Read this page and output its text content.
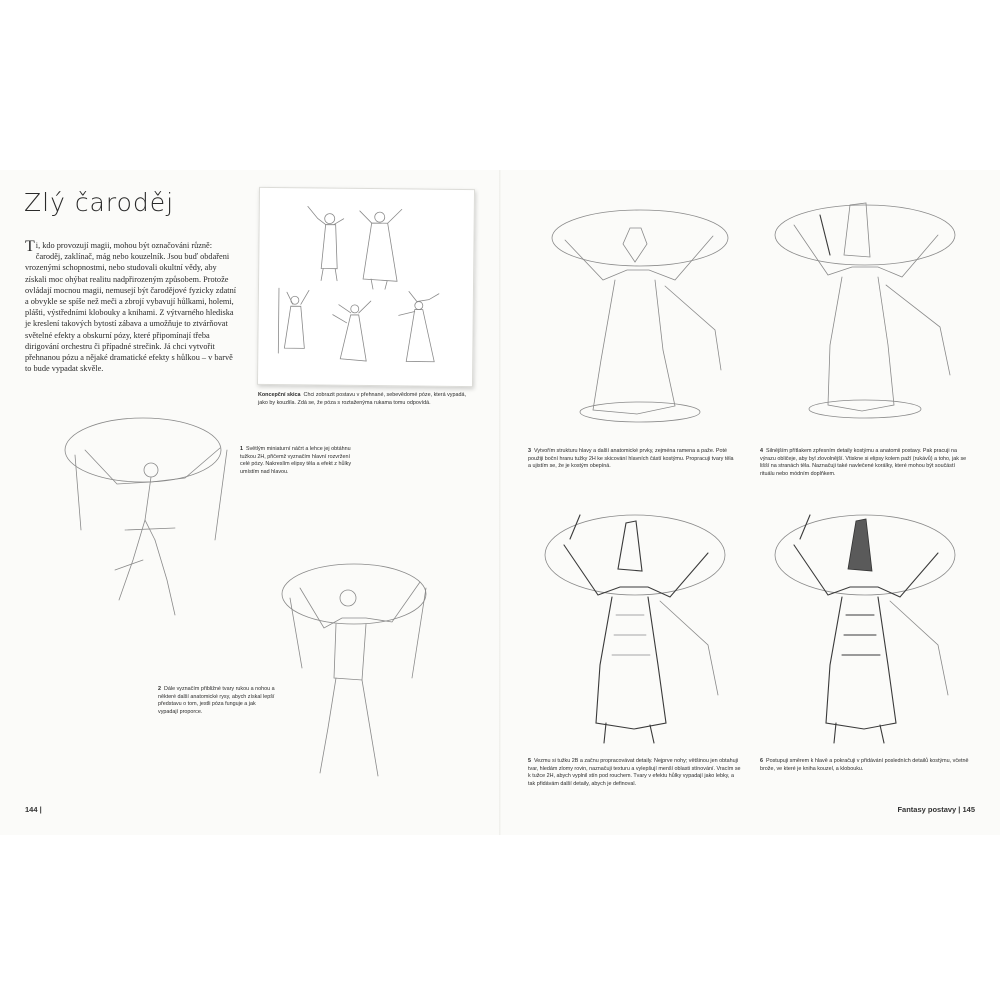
Zlý čaroděj

Ti, kdo provozují magii, mohou být označováni různě: čaroděj, zaklínač, mág nebo kouzelník. Jsou buď obdařeni vrozenými schopnostmi, nebo studovali okultní vědy, aby získali moc ohýbat realitu nadpřirozeným způsobem. Protože ovládají mocnou magii, nemusejí být čarodějové fyzicky zdatní a obvykle se spíše než meči a zbrojí vybavují hůlkami, holemi, plášti, výstředními klobouky a knihami. Z výtvarného hlediska je kreslení takových bytostí zábava a umožňuje to ztvárňovat světelné efekty a obskurní pózy, které připomínají třeba dirigování orchestru či případné strečink. Já chci vytvořit přehnanou pózu a nějaké dramatické efekty s hůlkou – v barvě to bude vypadat skvěle.

Koncepční skica Chci zobrazit postavu v přehnané, sebevědomé póze, která vypadá, jako by kouzlila. Zdá se, že póza s roztaženýma rukama tomu odpovídá.

1 Světlým miniaturní náčrt a lehce jej obtáhnu tužkou 2H, přičemž vyznačím hlavní rozvržení celé pózy. Nakreslím elipsy těla a efekt z hůlky umístím nad hlavou.

2 Dále vyznačím přibližné tvary rukou a nohou a některé další anatomické rysy, abych získal lepší představu o tom, jestli póza funguje a jak vypadají proporce.

144 |

3 Vytvořím strukturu hlavy a další anatomické prvky, zejména ramena a paže. Poté použiji boční hranu tužky 2H ke skicování hlavních částí kostýmu. Propracuji tvary těla a ujistím se, že je kostým obepíná.

4 Silnějším přítlakem zpřesním detaily kostýmu a anatomii postavy. Pak pracuji na výrazu obličeje, aby byl zlovolnější. Vtiskne si elipsy kolem paží (rukávů) a toho, jak se lišší na stranách těla. Naznačuji také navlečené korálky, které mohou být součástí rituálu nebo módním doplňkem.

5 Vezmu si tužku 2B a začnu propracovávat detaily. Nejprve nohy; většinou jen obtahuji tvar, hledám zlomy rovin, naznačuji texturu a vylepšují menší oblasti stínování. Vracím se k tužce 2H, abych vyplnil stín pod rouchem. Tvary v efektu hůlky vypadají jako lebky, a tak přidávám další detaily, abych je definoval.

6 Postupuji směrem k hlavě a pokračuji v přidávání posledních detailů kostýmu, včetně brože, ve které je kniha kouzel, a klobouku.

Fantasy postavy | 145
